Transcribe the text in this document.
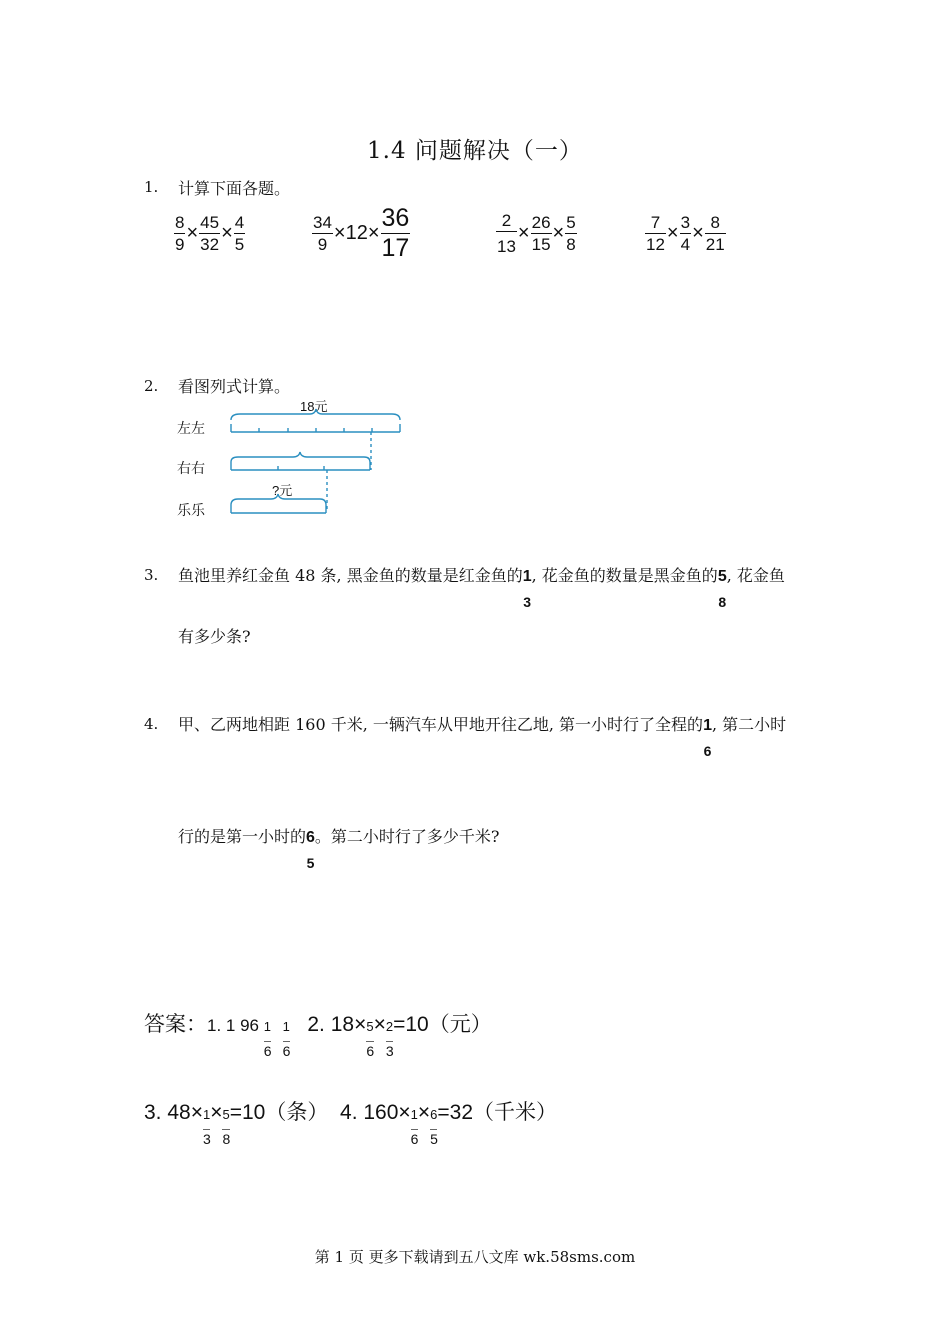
1.4 问题解决（一）
1. 计算下面各题。
$\frac{8}{9} \times \frac{45}{32} \times \frac{4}{5}$	$\frac{34}{9} \times 12\times \frac{36}{17}$	$\frac{2}{13} \times \frac{26}{15} \times \frac{5}{8}$	$\frac{7}{12} \times \frac{3}{4} \times \frac{8}{21}$
2. 看图列式计算。
左左
右右
乐乐
18元
?元
3. 鱼池里养红金鱼 48 条, 黑金鱼的数量是红金鱼的1
3
, 花金鱼的数量是黑金鱼的5
8
, 花金鱼
有多少条?
4. 甲、乙两地相距 160 千米, 一辆汽车从甲地开往乙地, 第一小时行了全程的1
6
, 第二小时
行的是第一小时的6
5
。第二小时行了多少千米?
答案：1. 1 $96 \frac{1}{6} \frac{1}{6} 2$. $18\times\frac{5}{6} \times\frac{2}{3} =10$（元）
3. $48\times\frac{1}{3} \times\frac{5}{8} =10$（条） 4. $160\times\frac{1}{6} \times\frac{6}{5} =32$（千米）
第 1 页 更多下载请到五八文库 wk.58sms.com
